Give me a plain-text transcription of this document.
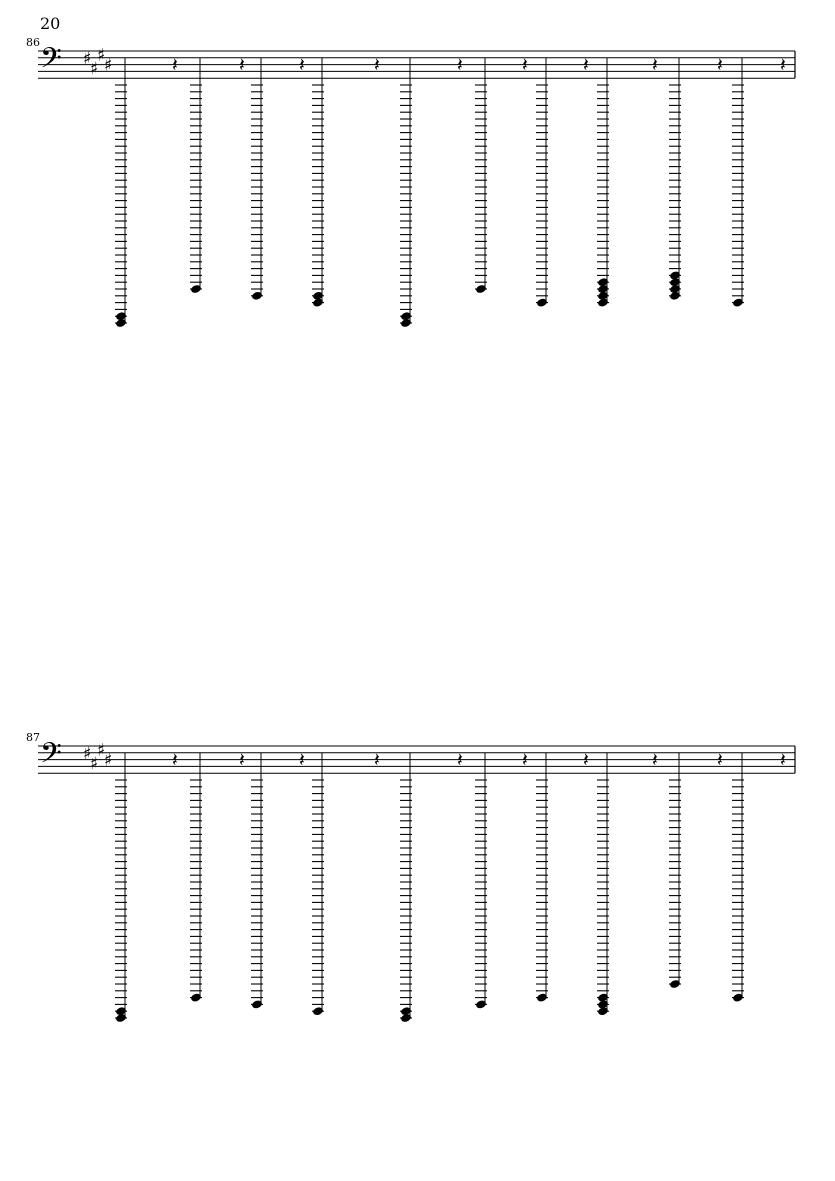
20
86
87
𝄢 ♯
♯
♯
♯	𝄽	𝄽	𝄽	𝄽	𝄽	𝄽	𝄽	𝄽	𝄽	𝄽
𝄢 ♯
♯
♯
♯	𝄽	𝄽	𝄽	𝄽	𝄽	𝄽	𝄽	𝄽	𝄽	𝄽
